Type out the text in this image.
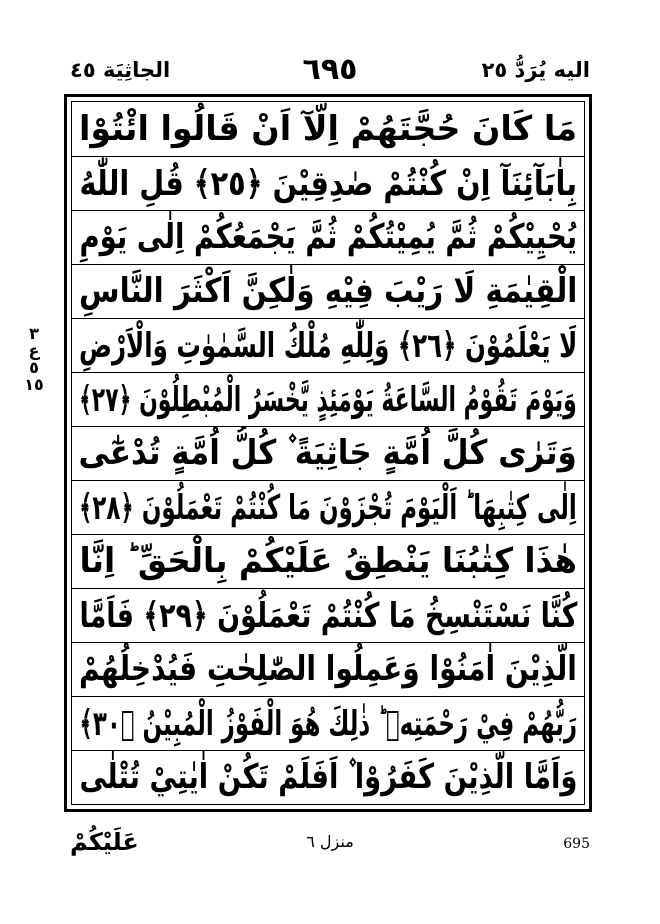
الجاثِيَة ٤٥	٦٩٥	اليه يُرَدُّ ٢٥
٣
ع
٥
١٥
مَا كَانَ حُجَّتَهُمْ اِلَّآ اَنْ قَالُوا ائْتُوْا
بِاٰبَآئِنَآ اِنْ كُنْتُمْ صٰدِقِيْنَ ﴿٢٥﴾ قُلِ اللّٰهُ
يُحْيِيْكُمْ ثُمَّ يُمِيْتُكُمْ ثُمَّ يَجْمَعُكُمْ اِلٰى يَوْمِ
الْقِيٰمَةِ لَا رَيْبَ فِيْهِ وَلٰكِنَّ اَكْثَرَ النَّاسِ
لَا يَعْلَمُوْنَ ﴿٢٦﴾ وَلِلّٰهِ مُلْكُ السَّمٰوٰتِ وَالْاَرْضِ
وَيَوْمَ تَقُوْمُ السَّاعَةُ يَوْمَئِذٍ يَّخْسَرُ الْمُبْطِلُوْنَ ﴿٢٧﴾
وَتَرٰى كُلَّ اُمَّةٍ جَاثِيَةً ۫ كُلُّ اُمَّةٍ تُدْعٰٓى
اِلٰى كِتٰبِهَا ؕ اَلْيَوْمَ تُجْزَوْنَ مَا كُنْتُمْ تَعْمَلُوْنَ ﴿٢٨﴾
هٰذَا كِتٰبُنَا يَنْطِقُ عَلَيْكُمْ بِالْحَقِّ ؕ اِنَّا
كُنَّا نَسْتَنْسِخُ مَا كُنْتُمْ تَعْمَلُوْنَ ﴿٢٩﴾ فَاَمَّا
الَّذِيْنَ اٰمَنُوْا وَعَمِلُوا الصّٰلِحٰتِ فَيُدْخِلُهُمْ
رَبُّهُمْ فِيْ رَحْمَتِهٖ ؕ ذٰلِكَ هُوَ الْفَوْزُ الْمُبِيْنُ ﴿٣٠﴾
وَاَمَّا الَّذِيْنَ كَفَرُوْا ۫ اَفَلَمْ تَكُنْ اٰيٰتِيْ تُتْلٰى
عَلَيْكُمْ	منزل ٦	695
